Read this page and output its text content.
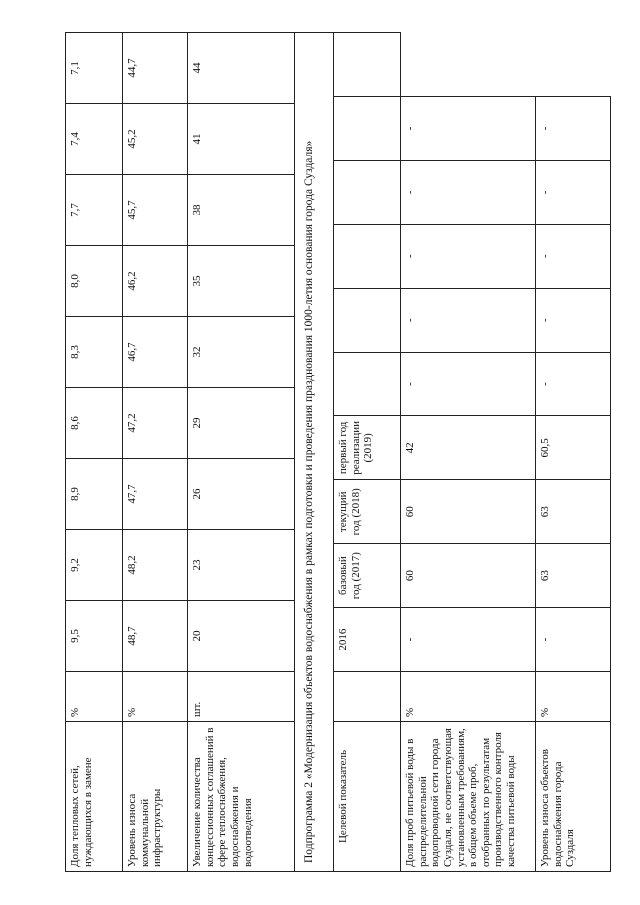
Доля тепловых сетей, нуждающихся в замене	%	9,5	9,2	8,9	8,6	8,3	8,0	7,7	7,4	7,1
Уровень износа коммунальной инфраструктуры	%	48,7	48,2	47,7	47,2	46,7	46,2	45,7	45,2	44,7
Увеличение количества концессионных соглашений в сфере теплоснабжения, водоснабжения и водоотведения	шт.	20	23	26	29	32	35	38	41	44
Подпрограмма 2 «Модернизация объектов водоснабжения в рамках подготовки и проведения празднования 1000-летия основания города Суздаля»	Целевой показатель		2016	базовый год (2017)	текущий год (2018)	первый год реализации (2019)						
Доля проб питьевой воды в распределительной водопроводной сети города Суздаля, не соответствующая установленным требованиям, в общем объеме проб, отобранных по результатам производственного контроля качества питьевой воды	%	-	60	60	42	-	-	-	-	-	
Уровень износа объектов водоснабжения города Суздаля	%	-	63	63	60,5	-	-	-	-	-	
